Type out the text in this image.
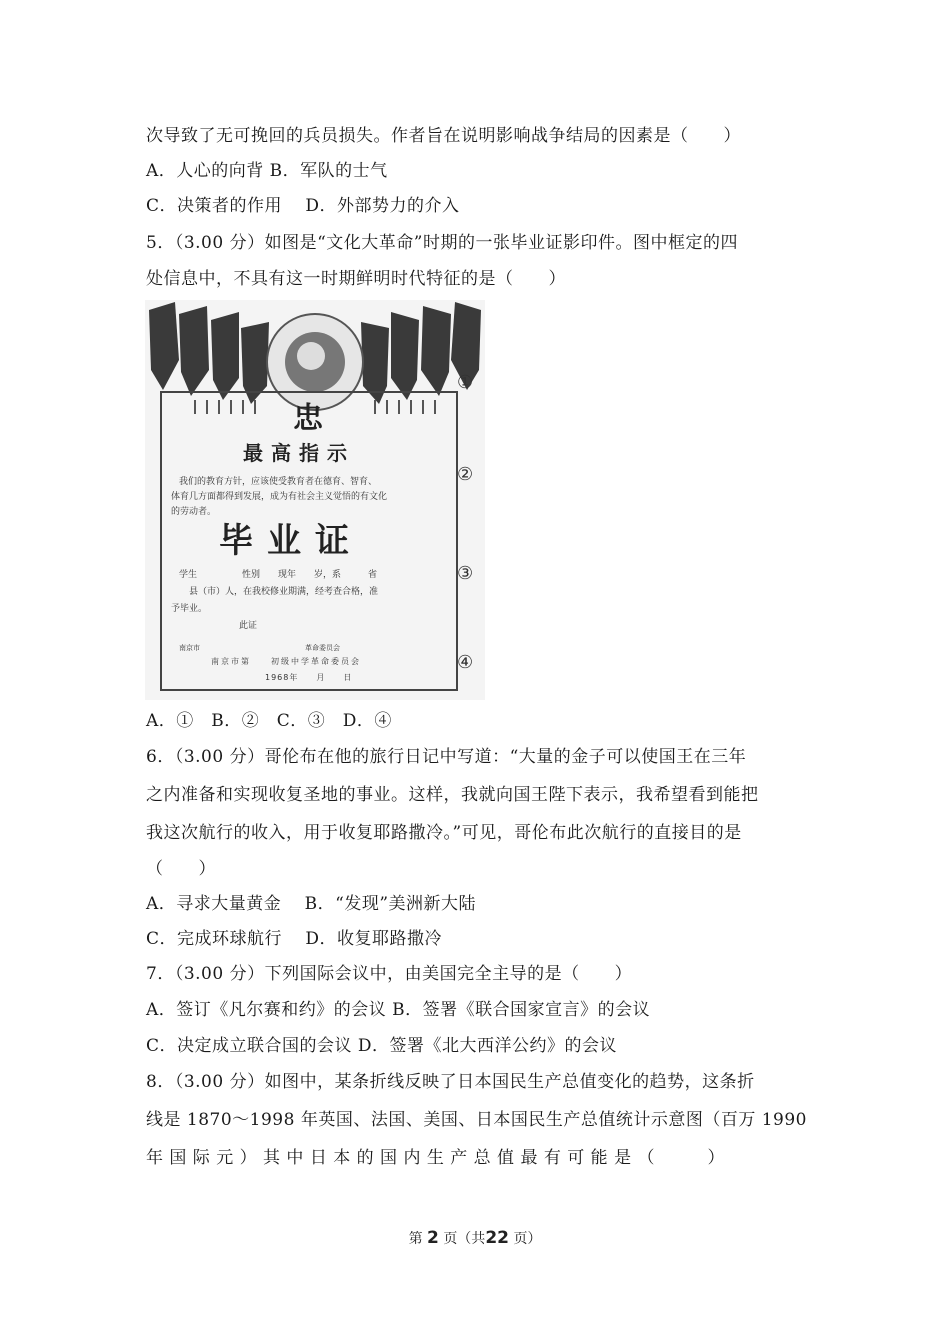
次导致了无可挽回的兵员损失。作者旨在说明影响战争结局的因素是（　　）
A．人心的向背 B．军队的士气
C．决策者的作用　 D．外部势力的介入
5．（3.00 分）如图是“文化大革命”时期的一张毕业证影印件。图中框定的四
处信息中，不具有这一时期鲜明时代特征的是（　　）
忠
最高指示
我们的教育方针，应该使受教育者在德育、智育、
体育几方面都得到发展，成为有社会主义觉悟的有文化
的劳动者。
毕业证
学生　　　　　性别　　现年　　岁，系　　　省
　　县（市）人，在我校修业期满，经考查合格，准
予毕业。
此证
南京市　　　　　　　　　　　　　　　革命委员会
南京市第　　初级中学革命委员会
1968年　　月　　日
①
②
③
④
A．①　B．②　C．③　D．④
6．（3.00 分）哥伦布在他的旅行日记中写道：“大量的金子可以使国王在三年
之内准备和实现收复圣地的事业。这样，我就向国王陛下表示，我希望看到能把
我这次航行的收入，用于收复耶路撒冷。”可见，哥伦布此次航行的直接目的是
（　　）
A．寻求大量黄金　 B．“发现”美洲新大陆
C．完成环球航行　 D．收复耶路撒冷
7．（3.00 分）下列国际会议中，由美国完全主导的是（　　）
A．签订《凡尔赛和约》的会议 B．签署《联合国家宣言》的会议
C．决定成立联合国的会议 D．签署《北大西洋公约》的会议
8．（3.00 分）如图中，某条折线反映了日本国民生产总值变化的趋势，这条折
线是 1870～1998 年英国、法国、美国、日本国民生产总值统计示意图（百万 1990
年 国 际 元 ） 其 中 日 本 的 国 内 生 产 总 值 最 有 可 能 是 （　　　）
第 2 页（共22 页）
